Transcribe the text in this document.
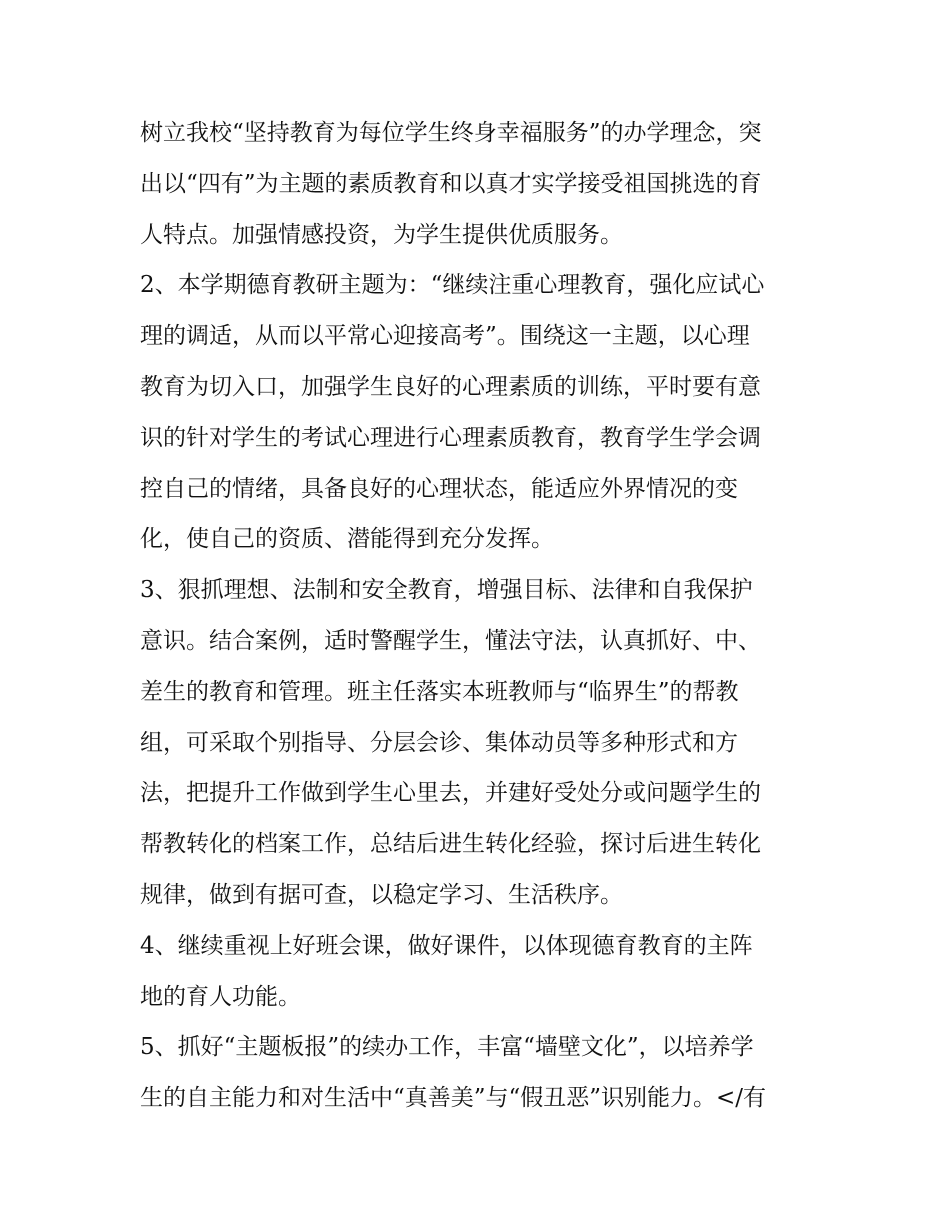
树立我校“坚持教育为每位学生终身幸福服务”的办学理念，突
出以“四有”为主题的素质教育和以真才实学接受祖国挑选的育
人特点。加强情感投资，为学生提供优质服务。
2、本学期德育教研主题为：“继续注重心理教育，强化应试心
理的调适，从而以平常心迎接高考”。围绕这一主题，以心理
教育为切入口，加强学生良好的心理素质的训练，平时要有意
识的针对学生的考试心理进行心理素质教育，教育学生学会调
控自己的情绪，具备良好的心理状态，能适应外界情况的变
化，使自己的资质、潜能得到充分发挥。
3、狠抓理想、法制和安全教育，增强目标、法律和自我保护
意识。结合案例，适时警醒学生，懂法守法，认真抓好、中、
差生的教育和管理。班主任落实本班教师与“临界生”的帮教
组，可采取个别指导、分层会诊、集体动员等多种形式和方
法，把提升工作做到学生心里去，并建好受处分或问题学生的
帮教转化的档案工作，总结后进生转化经验，探讨后进生转化
规律，做到有据可查，以稳定学习、生活秩序。
4、继续重视上好班会课，做好课件，以体现德育教育的主阵
地的育人功能。
5、抓好“主题板报”的续办工作，丰富“墙壁文化”，以培养学
生的自主能力和对生活中“真善美”与“假丑恶”识别能力。</有
